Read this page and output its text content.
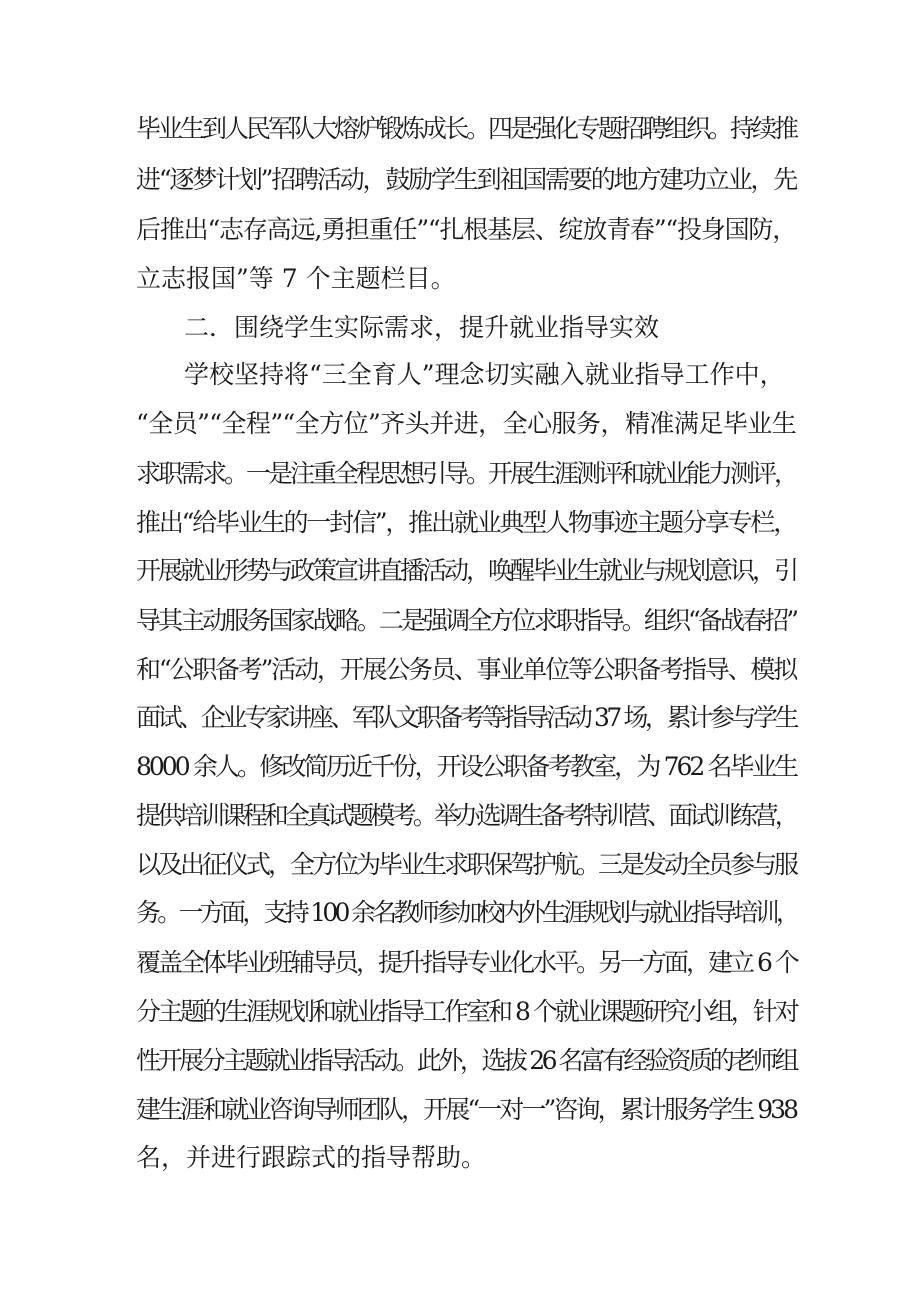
毕业生到人民军队大熔炉锻炼成长。四是强化专题招聘组织。持续推
进“逐梦计划”招聘活动，鼓励学生到祖国需要的地方建功立业，先
后推出“志存高远,勇担重任”“扎根基层、绽放青春”“投身国防，
立志报国”等 7 个主题栏目。
二．围绕学生实际需求，提升就业指导实效
学校坚持将“三全育人”理念切实融入就业指导工作中，
“全员”“全程”“全方位”齐头并进，全心服务，精准满足毕业生
求职需求。一是注重全程思想引导。开展生涯测评和就业能力测评，
推出“给毕业生的一封信”，推出就业典型人物事迹主题分享专栏，
开展就业形势与政策宣讲直播活动，唤醒毕业生就业与规划意识，引
导其主动服务国家战略。二是强调全方位求职指导。组织“备战春招”
和“公职备考”活动，开展公务员、事业单位等公职备考指导、模拟
面试、企业专家讲座、军队文职备考等指导活动 37 场，累计参与学生
8000 余人。修改简历近千份，开设公职备考教室，为 762 名毕业生
提供培训课程和全真试题模考。举办选调生备考特训营、面试训练营，
以及出征仪式，全方位为毕业生求职保驾护航。三是发动全员参与服
务。一方面，支持 100 余名教师参加校内外生涯规划与就业指导培训，
覆盖全体毕业班辅导员，提升指导专业化水平。另一方面，建立 6 个
分主题的生涯规划和就业指导工作室和 8 个就业课题研究小组，针对
性开展分主题就业指导活动。此外，选拔 26 名富有经验资质的老师组
建生涯和就业咨询导师团队，开展“一对一”咨询，累计服务学生 938
名，并进行跟踪式的指导帮助。
